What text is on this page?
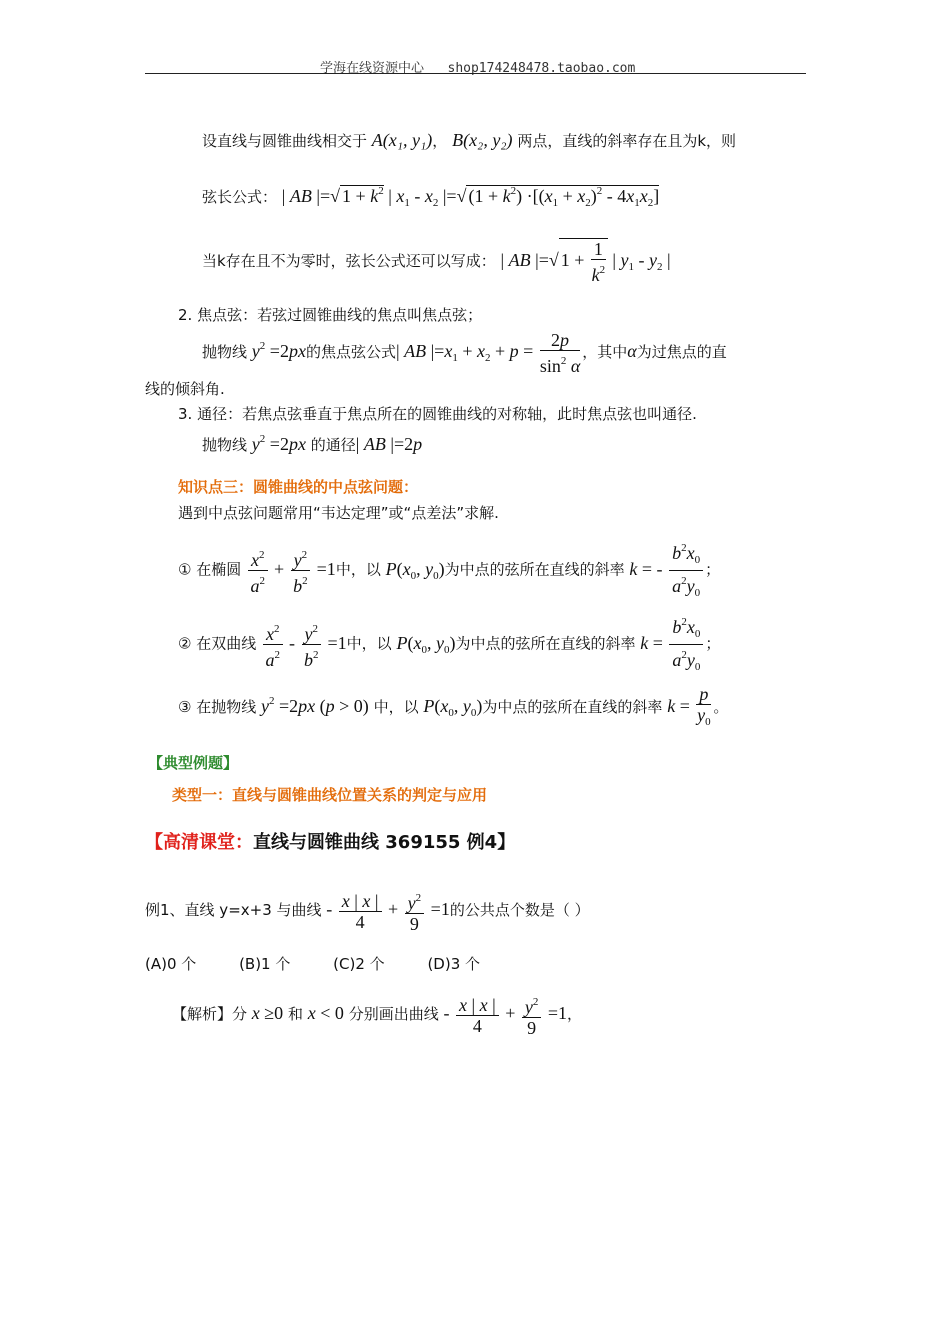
学海在线资源中心 shop174248478.taobao.com
设直线与圆锥曲线相交于 A(x₁, y₁)， B(x₂, y₂) 两点，直线的斜率存在且为k，则
弦长公式： | AB |=√ $1 + k^2$ | $x_1 - x_2$ |=√ $(1 + k^2) \cdot[(x_1 + x_2)^2 - 4x_1x_2]$
当k存在且不为零时，弦长公式还可以写成： | AB |=√ $1 + \frac{1}{k^2}$ | $y_1 - y_2$ |
2. 焦点弦：若弦过圆锥曲线的焦点叫焦点弦；
抛物线 $y^2 =2px$的焦点弦公式| AB $|=x_1 + x_2 + p = \frac{2p}{\sin^2 \alpha}$ ，其中α为过焦点的直
线的倾斜角.
3. 通径：若焦点弦垂直于焦点所在的圆锥曲线的对称轴，此时焦点弦也叫通径.
抛物线 $y^2 =2px$ 的通径| AB |=2p
知识点三：圆锥曲线的中点弦问题：
遇到中点弦问题常用“韦达定理”或“点差法”求解.
① 在椭圆 $\frac{x^2}{a^2} + \frac{y^2}{b^2} =1$中，以 $P(x_0$, $y_0$)为中点的弦所在直线的斜率 k = - $\frac{b^2x_0}{a^2y_0}$ ；
② 在双曲线 $\frac{x^2}{a^2} - \frac{y^2}{b^2} =1$中，以 $P(x_0$, $y_0$)为中点的弦所在直线的斜率 $k = \frac{b^2x_0}{a^2y_0}$ ；
③ 在抛物线 $y^2 =2px$ (p > 0) 中，以 $P(x_0$, $y_0$)为中点的弦所在直线的斜率 $k = \frac{p}{y_0}$ 。
【典型例题】
类型一：直线与圆锥曲线位置关系的判定与应用
【高清课堂：直线与圆锥曲线 369155 例4】
例1、直线 y=x+3 与曲线 - $\frac{x | x |}{4} + \frac{y^2}{9} =1$的公共点个数是（ ）
(A)0 个	(B)1 个	(C)2 个	(D)3 个
【解析】分 x ≥0 和 x < 0 分别画出曲线 - $\frac{x | x |}{4} + \frac{y^2}{9} =1$，
